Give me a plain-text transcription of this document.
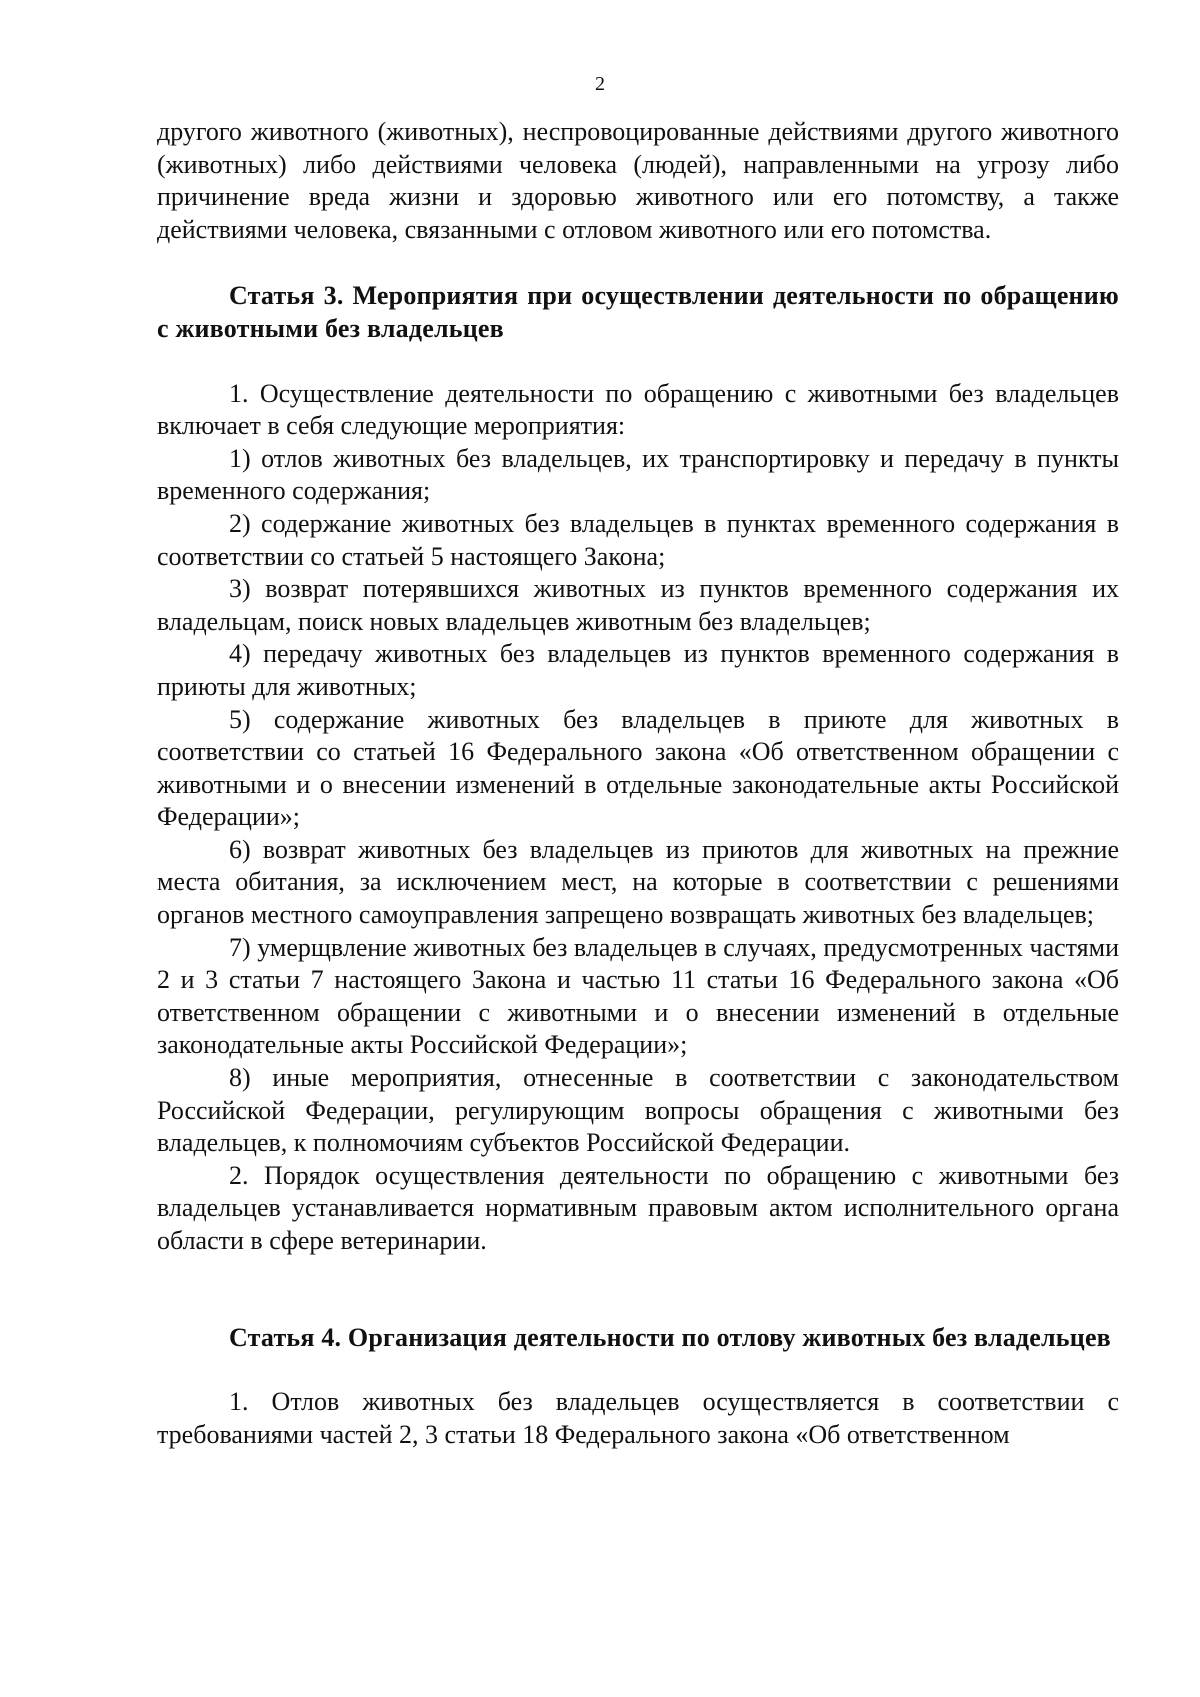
2

другого животного (животных), неспровоцированные действиями другого животного (животных) либо действиями человека (людей), направленными на угрозу либо причинение вреда жизни и здоровью животного или его потомству, а также действиями человека, связанными с отловом животного или его потомства.

Статья 3. Мероприятия при осуществлении деятельности по обращению с животными без владельцев

1. Осуществление деятельности по обращению с животными без владельцев включает в себя следующие мероприятия:

1) отлов животных без владельцев, их транспортировку и передачу в пункты временного содержания;

2) содержание животных без владельцев в пунктах временного содержания в соответствии со статьей 5 настоящего Закона;

3) возврат потерявшихся животных из пунктов временного содержания их владельцам, поиск новых владельцев животным без владельцев;

4) передачу животных без владельцев из пунктов временного содержания в приюты для животных;

5) содержание животных без владельцев в приюте для животных в соответствии со статьей 16 Федерального закона «Об ответственном обращении с животными и о внесении изменений в отдельные законодательные акты Российской Федерации»;

6) возврат животных без владельцев из приютов для животных на прежние места обитания, за исключением мест, на которые в соответствии с решениями органов местного самоуправления запрещено возвращать животных без владельцев;

7) умерщвление животных без владельцев в случаях, предусмотренных частями 2 и 3 статьи 7 настоящего Закона и частью 11 статьи 16 Федерального закона «Об ответственном обращении с животными и о внесении изменений в отдельные законодательные акты Российской Федерации»;

8) иные мероприятия, отнесенные в соответствии с законодательством Российской Федерации, регулирующим вопросы обращения с животными без владельцев, к полномочиям субъектов Российской Федерации.

2. Порядок осуществления деятельности по обращению с животными без владельцев устанавливается нормативным правовым актом исполнительного органа области в сфере ветеринарии.

Статья 4. Организация деятельности по отлову животных без владельцев

1. Отлов животных без владельцев осуществляется в соответствии с требованиями частей 2, 3 статьи 18 Федерального закона «Об ответственном
